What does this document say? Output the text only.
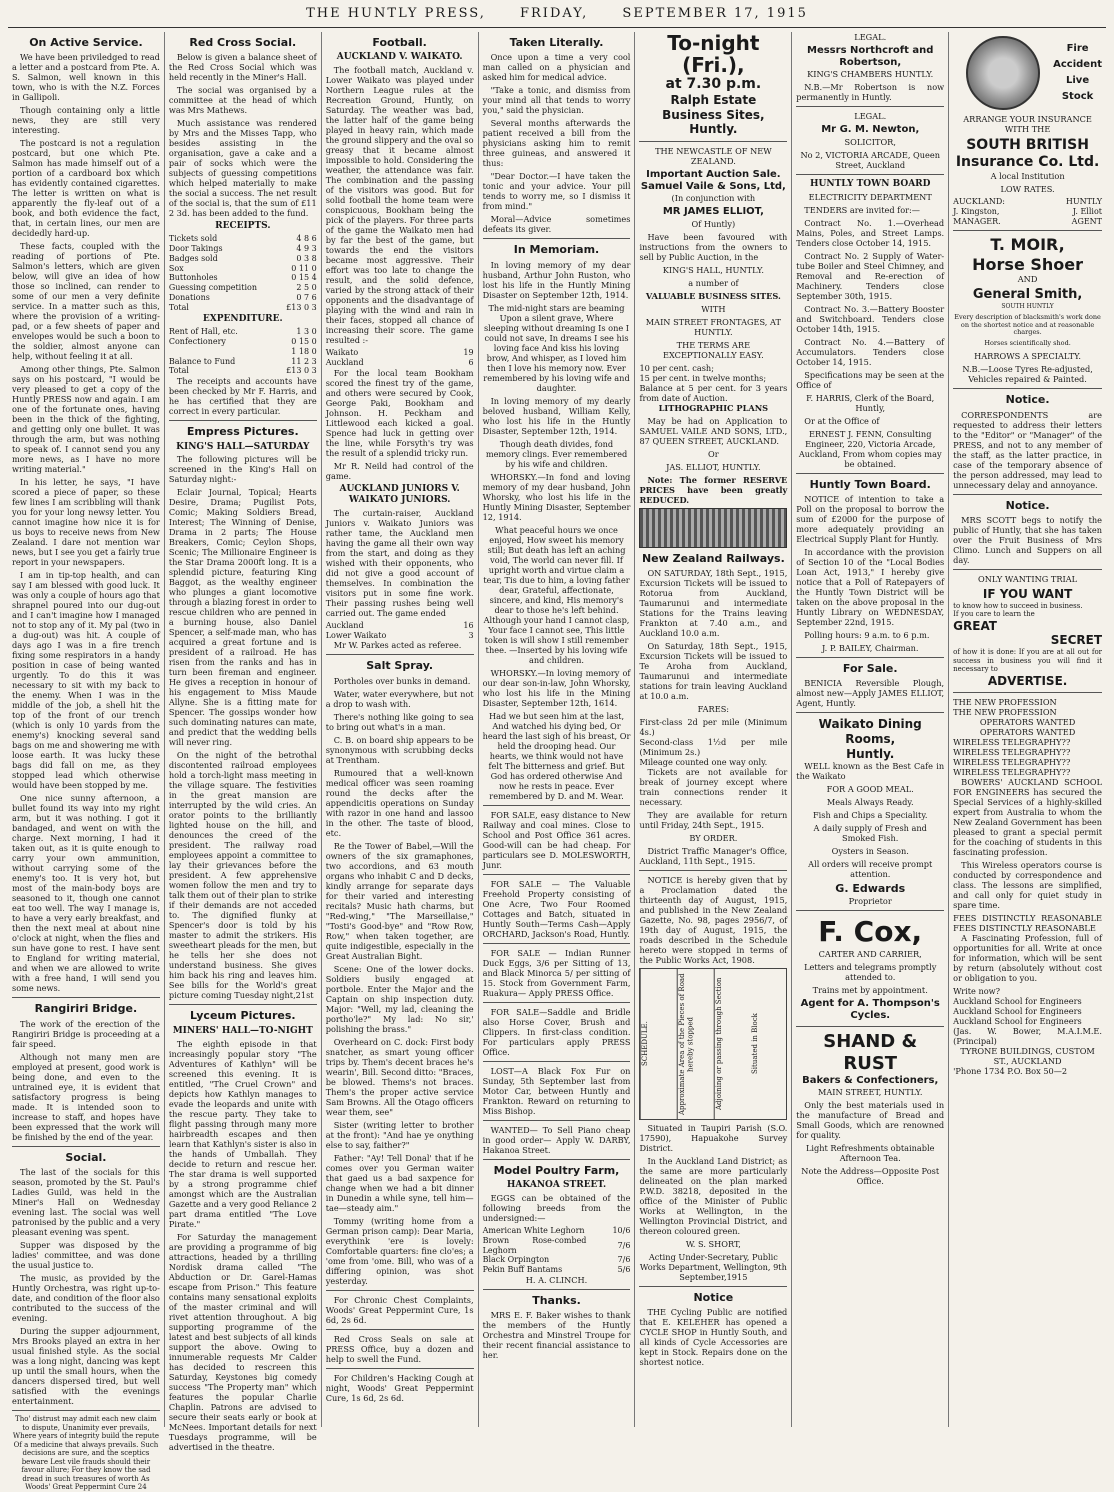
THE HUNTLY PRESS,	FRIDAY,	SEPTEMBER 17, 1915
On Active Service.

We have been priviledged to read a letter and a postcard from Pte. A. S. Salmon, well known in this town, who is with the N.Z. Forces in Gallipoli.

Though containing only a little news, they are still very interesting.

The postcard is not a regulation postcard, but one which Pte. Salmon has made himself out of a portion of a cardboard box which has evidently contained cigarettes. The letter is written on what is apparently the fly-leaf out of a book, and both evidence the fact, that, in certain lines, our men are decidedly hard-up.

These facts, coupled with the reading of portions of Pte. Salmon's letters, which are given below, will give an idea of how those so inclined, can render to some of our men a very definite service. In a matter such as this, where the provision of a writing-pad, or a few sheets of paper and envelopes would be such a boon to the soldier, almost anyone can help, without feeling it at all.

Among other things, Pte. Salmon says on his postcard, "I would be very pleased to get a copy of the Huntly PRESS now and again. I am one of the fortunate ones, having been in the thick of the fighting, and getting only one bullet. It was through the arm, but was nothing to speak of. I cannot send you any more news, as I have no more writing material."

In his letter, he says, "I have scored a piece of paper, so these few lines I am scribbling will thank you for your long newsy letter. You cannot imagine how nice it is for us boys to receive news from New Zealand. I dare not mention war news, but I see you get a fairly true report in your newspapers.

I am in tip-top health, and can say I am blessed with good luck. It was only a couple of hours ago that shrapnel poured into our dug-out and I can't imagine how I managed not to stop any of it. My pal (two in a dug-out) was hit. A couple of days ago I was in a fire trench fixing some respirators in a handy position in case of being wanted urgently. To do this it was necessary to sit with my back to the enemy. When I was in the middle of the job, a shell hit the top of the front of our trench (which is only 10 yards from the enemy's) knocking several sand bags on me and showering me with loose earth. It was lucky these bags did fall on me, as they stopped lead which otherwise would have been stopped by me.

One nice sunny afternoon, a bullet found its way into my right arm, but it was nothing. I got it bandaged, and went on with the charge. Next morning, I had it taken out, as it is quite enough to carry your own ammunition, without carrying some of the enemy's too. It is very hot, but most of the main-body boys are seasoned to it, though one cannot eat too well. The way I manage is, to have a very early breakfast, and then the next meal at about nine o'clock at night, when the flies and sun have gone to rest. I have sent to England for writing material, and when we are allowed to write with a free hand, I will send you some news.

Rangiriri Bridge.

The work of the erection of the Rangiriri Bridge is proceeding at a fair speed.

Although not many men are employed at present, good work is being done, and even to the untrained eye, it is evident that satisfactory progress is being made. It is intended soon to increase to staff, and hopes have been expressed that the work will be finished by the end of the year.

Social.

The last of the socials for this season, promoted by the St. Paul's Ladies Guild, was held in the Miner's Hall on Wednesday evening last. The social was well patronised by the public and a very pleasant evening was spent.

Supper was disposed by the ladies' committee, and was done the usual justice to.

The music, as provided by the Huntly Orchestra, was right up-to-date, and condition of the floor also contributed to the success of the evening.

During the supper adjournment, Mrs Brooks played an extra in her usual finished style. As the social was a long night, dancing was kept up until the small hours, when the dancers dispersed tired, but well satisfied with the evenings entertainment.

Tho' distrust may admit each new claim to dispute, Unanimity ever prevails, Where years of integrity build the repute Of a medicine that always prevails. Such decisions are sure, and the sceptics beware Lest vile frauds should their favour allure; For they know the sad dread in such treasures of worth As Woods' Great Peppermint Cure 24

Red Cross Social.

Below is given a balance sheet of the Red Cross Social which was held recently in the Miner's Hall.

The social was organised by a committee at the head of which was Mrs Mathews.

Much assistance was rendered by Mrs and the Misses Tapp, who besides assisting in the organisation, gave a cake and a pair of socks which were the subjects of guessing competitions which helped materially to make the social a success. The net result of the social is, that the sum of £11 2 3d. has been added to the fund.

RECEIPTS.
Tickets sold	4 8 6
Door Takings	4 9 3
Badges sold	0 3 8
Sox	0 11 0
Buttonholes	0 15 4
Guessing competition	2 5 0
Donations	0 7 6
Total	£13 0 3
EXPENDITURE.
Rent of Hall, etc.	1 3 0
Confectionery	0 15 0
	1 18 0
Balance to Fund	11 2 3
Total	£13 0 3

The receipts and accounts have been checked by Mr F. Harris, and he has certified that they are correct in every particular.

Empress Pictures.
KING'S HALL—SATURDAY

The following pictures will be screened in the King's Hall on Saturday night:-

Eclair Journal, Topical; Hearts Desire, Drama; Pugilist Pots, Comic; Making Soldiers Bread, Interest; The Winning of Denise, Drama in 2 parts; The House Breakers, Comic; Ceylon Shops, Scenic; The Millionaire Engineer is the Star Drama 2000ft long. It is a splendid picture, featuring King Baggot, as the wealthy engineer who plunges a giant locomotive through a blazing forest in order to rescue children who are penned in a burning house, also Daniel Spencer, a self-made man, who has acquired a great fortune and is president of a railroad. He has risen from the ranks and has in turn been fireman and engineer. He gives a reception in honour of his engagement to Miss Maude Allyne. She is a fitting mate for Spencer. The gossips wonder how such dominating natures can mate, and predict that the wedding bells will never ring.

On the night of the betrothal discontented railroad employees hold a torch-light mass meeting in the village square. The festivities in the great mansion are interrupted by the wild cries. An orator points to the brilliantly lighted house on the hill, and denounces the creed of the president. The railway road employees appoint a committee to lay their grievances before the president. A few apprehensive women follow the men and try to talk them out of their plan to strike if their demands are not acceded to. The dignified flunky at Spencer's door is told by his master to admit the strikers. His sweetheart pleads for the men, but he tells her she does not understand business. She gives him back his ring and leaves him. See bills for the World's great picture coming Tuesday night,21st

Lyceum Pictures.
MINERS' HALL—TO-NIGHT

The eighth episode in that increasingly popular story "The Adventures of Kathlyn" will be screened this evening. It is entitled, "The Cruel Crown" and depicts how Kathlyn manages to evade the leopards and unite with the rescue party. They take to flight passing through many more hairbreadth escapes and then learn that Kathlyn's sister is also in the hands of Umballah. They decide to return and rescue her. The star drama is well supported by a strong programme chief amongst which are the Australian Gazette and a very good Reliance 2 part drama entitled "The Love Pirate."

For Saturday the management are providing a programme of big attractions, headed by a thrilling Nordisk drama called "The Abduction or Dr. Garel-Hamas escape from Prison." This feature contains many sensational exploits of the master criminal and will rivet attention throughout. A big supporting programme of the latest and best subjects of all kinds support the above. Owing to innumerable requests Mr Calder has decided to rescreen this Saturday, Keystones big comedy success "The Property man" which features the popular Charlie Chaplin. Patrons are advised to secure their seats early or book at McNees. Important details for next Tuesdays programme, will be advertised in the theatre.

Football.
AUCKLAND V. WAIKATO.

The football match, Auckland v. Lower Waikato was played under Northern League rules at the Recreation Ground, Huntly, on Saturday. The weather was bad, the latter half of the game being played in heavy rain, which made the ground slippery and the oval so greasy that it became almost impossible to hold. Considering the weather, the attendance was fair. The combination and the passing of the visitors was good. But for solid football the home team were conspicuous, Bookham being the pick of the players. For three parts of the game the Waikato men had by far the best of the game, but towards the end the visitors became most aggressive. Their effort was too late to change the result, and the solid defence, varied by the strong attack of their opponents and the disadvantage of playing with the wind and rain in their faces, stopped all chance of increasing their score. The game resulted :-

Waikato	19
Auckland	6

For the local team Bookham scored the finest try of the game, and others were secured by Cook, George Paki, Bookham and Johnson. H. Peckham and Littlewood each kicked a goal. Spence had luck in getting over the line, while Forsyth's try was the result of a splendid tricky run.

Mr R. Neild had control of the game.

AUCKLAND JUNIORS V. WAIKATO JUNIORS.

The curtain-raiser, Auckland Juniors v. Waikato Juniors was rather tame, the Auckland men having the game all their own way from the start, and doing as they wished with their opponents, who did not give a good account of themselves. In combination the visitors put in some fine work. Their passing rushes being well carried out. The game ended

Auckland	16
Lower Waikato	3

Mr W. Parkes acted as referee.

Salt Spray.

Portholes over bunks in demand.

Water, water everywhere, but not a drop to wash with.

There's nothing like going to sea to bring out what's in a man.

C. B. on board ship appears to be synonymous with scrubbing decks at Trentham.

Rumoured that a well-known medical officer was seen roaming round the decks after the appendicitis operations on Sunday with razor in one hand and lassoo in the other. The taste of blood, etc.

Re the Tower of Babel,—Will the owners of the six gramaphones, two accordions, and 63 mouth organs who inhabit C and D decks, kindly arrange for separate days for their varied and interesting recitals? Music hath charms, but "Red-wing," "The Marseillaise," "Tosti's Good-bye" and "Row Row, Row," when taken together, are quite indigestible, especially in the Great Australian Bight.

Scene: One of the lower docks. Soldiers busily engaged at portbole. Enter the Major and the Captain on ship inspection duty. Major: "Well, my lad, cleaning the portho'le?" My lad: No sir,' polishing the brass."

Overheard on C. dock: First body snatcher, as smart young officer trips by. Them's decent braces he's wearin', Bill. Second ditto: "Braces, be blowed. Thems's not braces. Them's the proper active service Sam Browns. All the Otago officers wear them, see"

Sister (writing letter to brother at the front): "And hae ye onything else to say, faither?"

Father: "Ay! Tell Donal' that if he comes over you German waiter that gaed us a bad saxpence for change when we had a bit dinner in Dunedin a while syne, tell him—tae—steady aim."

Tommy (writing home from a German prison camp): Dear Maria, everythink 'ere is lovely: Comfortable quarters: fine clo'es; a 'ome from 'ome. Bill, who was of a differing opinion, was shot yesterday.

For Chronic Chest Complaints, Woods' Great Peppermint Cure, 1s 6d, 2s 6d.

Red Cross Seals on sale at PRESS Office, buy a dozen and help to swell the Fund.

For Children's Hacking Cough at night, Woods' Great Peppermint Cure, 1s 6d, 2s 6d.

Taken Literally.

Once upon a time a very cool man called on a physician and asked him for medical advice.

"Take a tonic, and dismiss from your mind all that tends to worry you," said the physician.

Several months afterwards the patient received a bill from the physicians asking him to remit three guineas, and answered it thus:

"Dear Doctor.—I have taken the tonic and your advice. Your pill tends to worry me, so I dismiss it from mind."

Moral—Advice sometimes defeats its giver.

In Memoriam.

In loving memory of my dear husband, Arthur John Ruston, who lost his life in the Huntly Mining Disaster on September 12th, 1914.

The mid-night stars are beaming Upon a silent grave, Where sleeping without dreaming Is one I could not save, In dreams I see his loving face And kiss his loving brow, And whisper, as I loved him then I love his memory now. Ever remembered by his loving wife and daughter.

In loving memory of my dearly beloved husband, William Kelly, who lost his life in the Huntly Disaster, September 12th, 1914.

Though death divides, fond memory clings. Ever remembered by his wife and children.

WHORSKY.—In fond and loving memory of my dear husband, John Whorsky, who lost his life in the Huntly Mining Disaster, September 12, 1914.

What peaceful hours we once enjoyed, How sweet his memory still; But death has left an aching void, The world can never fill. If upright worth and virtue claim a tear, Tis due to him, a loving father dear, Grateful, affectionate, sincere, and kind, His memory's dear to those he's left behind. Although your hand I cannot clasp, Your face I cannot see, This little token is will show I still remember thee. —Inserted by his loving wife and children.

WHORSKY.—In loving memory of our dear son-in-law, John Whorsky, who lost his life in the Mining Disaster, September 12th, 1614.

Had we but seen him at the last, And watched his dying bed, Or heard the last sigh of his breast, Or held the drooping head. Our hearts, we think would not have felt The bitterness and grief. But God has ordered otherwise And now he rests in peace. Ever remembered by D. and M. Wear.

FOR SALE, easy distance to New Railway and coal mines. Close to School and Post Office 361 acres. Good-will can be had cheap. For particulars see D. MOLESWORTH, Junr.

FOR SALE — The Valuable Freehold Property consisting of One Acre, Two Four Roomed Cottages and Batch, situated in Huntly South—Terms Cash—Apply ORCHARD, Jackson's Road, Huntly.

FOR SALE — Indian Runner Duck Eggs, 3/6 per Sitting of 13, and Black Minorca 5/ per sitting of 15. Stock from Government Farm, Ruakura— Apply PRESS Office.

FOR SALE—Saddle and Bridle also Horse Cover, Brush and Clippers. In first-class condition. For particulars apply PRESS Office.

LOST—A Black Fox Fur on Sunday, 5th September last from Motor Car, between Huntly and Frankton. Reward on returning to Miss Bishop.

WANTED— To Sell Piano cheap in good order— Apply W. DARBY, Hakanoa Street.

Model Poultry Farm,
HAKANOA STREET.

EGGS can be obtained of the following breeds from the undersigned:—

American White Leghorn	10/6
Brown Rose-combed Leghorn	7/6
Black Orpington	7/6
Pekin Buff Bantams	5/6

H. A. CLINCH.

Thanks.

MRS E. F. Baker wishes to thank the members of the Huntly Orchestra and Minstrel Troupe for their recent financial assistance to her.

To-night (Fri.),
at 7.30 p.m.
Ralph Estate Business Sites, Huntly.

THE NEWCASTLE OF NEW ZEALAND.

Important Auction Sale.
Samuel Vaile & Sons, Ltd,

(In conjunction with

MR JAMES ELLIOT,

Of Huntly)

Have been favoured with instructions from the owners to sell by Public Auction, in the

KING'S HALL, HUNTLY.

a number of

VALUABLE BUSINESS SITES.

WITH

MAIN STREET FRONTAGES, AT HUNTLY.

THE TERMS ARE EXCEPTIONALLY EASY.

10 per cent. cash;

15 per cent. in twelve months;

Balance at 5 per cent. for 3 years from date of Auction.

LITHOGRAPHIC PLANS

May be had on Application to SAMUEL VAILE AND SONS, LTD., 87 QUEEN STREET, AUCKLAND.

Or

JAS. ELLIOT, HUNTLY.

Note: The former RESERVE PRICES have been greatly REDUCED.

New Zealand Railways.

ON SATURDAY, 18th Sept., 1915, Excursion Tickets will be issued to Rotorua from Auckland, Taumarunui and intermediate Stations for the Trains leaving Frankton at 7.40 a.m., and Auckland 10.0 a.m.

On Saturday, 18th Sept., 1915, Excursion Tickets will be issued to Te Aroha from Auckland, Taumarunui and intermediate stations for train leaving Auckland at 10.0 a.m.

FARES:

First-class 2d per mile (Minimum 4s.)

Second-class 1½d per mile (Minimum 2s.)

Mileage counted one way only.

Tickets are not available for break of journey except where train connections render it necessary.

They are available for return until Friday, 24th Sept., 1915.

BY ORDER.

District Traffic Manager's Office, Auckland, 11th Sept., 1915.

NOTICE is hereby given that by a Proclamation dated the thirteenth day of August, 1915, and published in the New Zealand Gazette, No. 98, pages 2956/7, of 19th day of August, 1915, the roads described in the Schedule hereto were stopped in terms of the Public Works Act, 1908.

SCHEDULE.	Approximate Area of the Pieces of Road hereby stopped	Adjoining or passing through Section	Situated in Block

Situated in Taupiri Parish (S.O. 17590), Hapuakohe Survey District.

In the Auckland Land District; as the same are more particularly delineated on the plan marked P.W.D. 38218, deposited in the office of the Minister of Public Works at Wellington, in the Wellington Provincial District, and thereon coloured green.

W. S. SHORT,

Acting Under-Secretary, Public Works Department, Wellington, 9th September,1915

Notice

THE Cycling Public are notified that E. KELEHER has opened a CYCLE SHOP in Huntly South, and all kinds of Cycle Accessories are kept in Stock. Repairs done on the shortest notice.

LEGAL.

Messrs Northcroft and Robertson,

KING'S CHAMBERS HUNTLY.

N.B.—Mr Robertson is now permanently in Huntly.

LEGAL.

Mr G. M. Newton,

SOLICITOR,

No 2, VICTORIA ARCADE, Queen Street, Auckland

HUNTLY TOWN BOARD

ELECTRICITY DEPARTMENT

TENDERS are invited for:—

Contract No. 1.—Overhead Mains, Poles, and Street Lamps. Tenders close October 14, 1915.

Contract No. 2 Supply of Water-tube Boiler and Steel Chimney, and Removal and Re-erection of Machinery. Tenders close September 30th, 1915.

Contract No. 3.—Battery Booster and Switchboard. Tenders close October 14th, 1915.

Contract No. 4.—Battery of Accumulators. Tenders close October 14, 1915.

Specifications may be seen at the Office of

F. HARRIS, Clerk of the Board, Huntly,

Or at the Office of

ERNEST J. FENN, Consulting Engineer, 220, Victoria Arcade, Auckland, From whom copies may be obtained.

Huntly Town Board.

NOTICE of intention to take a Poll on the proposal to borrow the sum of £2000 for the purpose of more adequately providing an Electrical Supply Plant for Huntly.

In accordance with the provision of Section 10 of the "Local Bodies Loan Act, 1913," I hereby give notice that a Poll of Ratepayers of the Huntly Town District will be taken on the above proposal in the Huntly Library on WEDNESDAY, September 22nd, 1915.

Polling hours: 9 a.m. to 6 p.m.

J. P. BAILEY, Chairman.

For Sale.

BENICIA Reversible Plough, almost new—Apply JAMES ELLIOT, Agent, Huntly.

Waikato Dining Rooms,
Huntly.

WELL known as the Best Cafe in the Waikato

FOR A GOOD MEAL.

Meals Always Ready.

Fish and Chips a Speciality.

A daily supply of Fresh and Smoked Fish.

Oysters in Season.

All orders will receive prompt attention.

G. Edwards

Proprietor

F. Cox,

CARTER AND CARRIER,

Letters and telegrams promptly attended to.

Trains met by appointment.

Agent for A. Thompson's Cycles.
SHAND & RUST
Bakers & Confectioners,

MAIN STREET, HUNTLY.

Only the best materials used in the manufacture of Bread and Small Goods, which are renowned for quality.

Light Refreshments obtainable Afternoon Tea.

Note the Address—Opposite Post Office.

Fire
Accident
Live
Stock

ARRANGE YOUR INSURANCE WITH THE

SOUTH BRITISH
Insurance Co. Ltd.

A local Institution

LOW RATES.

AUCKLAND:	HUNTLY
J. Kingston,	J. Elliot
MANAGER.	AGENT
T. MOIR,
Horse Shoer

AND

General Smith,

SOUTH HUNTLY

Every description of blacksmith's work done on the shortest notice and at reasonable charges.

Horses scientifically shod.

HARROWS A SPECIALTY.

N.B.—Loose Tyres Re-adjusted, Vehicles repaired & Painted.

Notice.

CORRESPONDENTS are requested to address their letters to the "Editor" or "Manager" of the PRESS, and not to any member of the staff, as the latter practice, in case of the temporary absence of the person addressed, may lead to unnecessary delay and annoyance.

Notice.

MRS SCOTT begs to notify the public of Huntly, that she has taken over the Fruit Business of Mrs Climo. Lunch and Suppers on all day.

ONLY WANTING TRIAL

IF YOU WANT

to know how to succeed in business.

If you care to learn the

GREAT
SECRET

of how it is done: If you are at all out for success in business you will find it necessary to

ADVERTISE.

THE NEW PROFESSION

THE NEW PROFESSION

OPERATORS WANTED

OPERATORS WANTED

WIRELESS TELEGRAPHY??

WIRELESS TELEGRAPHY??

WIRELESS TELEGRAPHY??

WIRELESS TELEGRAPHY??

BOWERS' AUCKLAND SCHOOL FOR ENGINEERS has secured the Special Services of a highly-skilled expert from Australia to whom the New Zealand Government has been pleased to grant a special permit for the coaching of students in this fascinating profession.

This Wireless operators course is conducted by correspondence and class. The lessons are simplified, and call only for quiet study in spare time.

FEES DISTINCTLY REASONABLE FEES DISTINCTLY REASONABLE

A Fascinating Profession, full of opportunities for all. Write at once for information, which will be sent by return (absolutely without cost or obligation to you.

Write now?

Auckland School for Engineers

Auckland School for Engineers

Auckland School for Engineers

(Jas. W. Bower, M.A.I.M.E. (Principal)

TYRONE BUILDINGS, CUSTOM ST., AUCKLAND

'Phone 1734 P.O. Box 50—2
